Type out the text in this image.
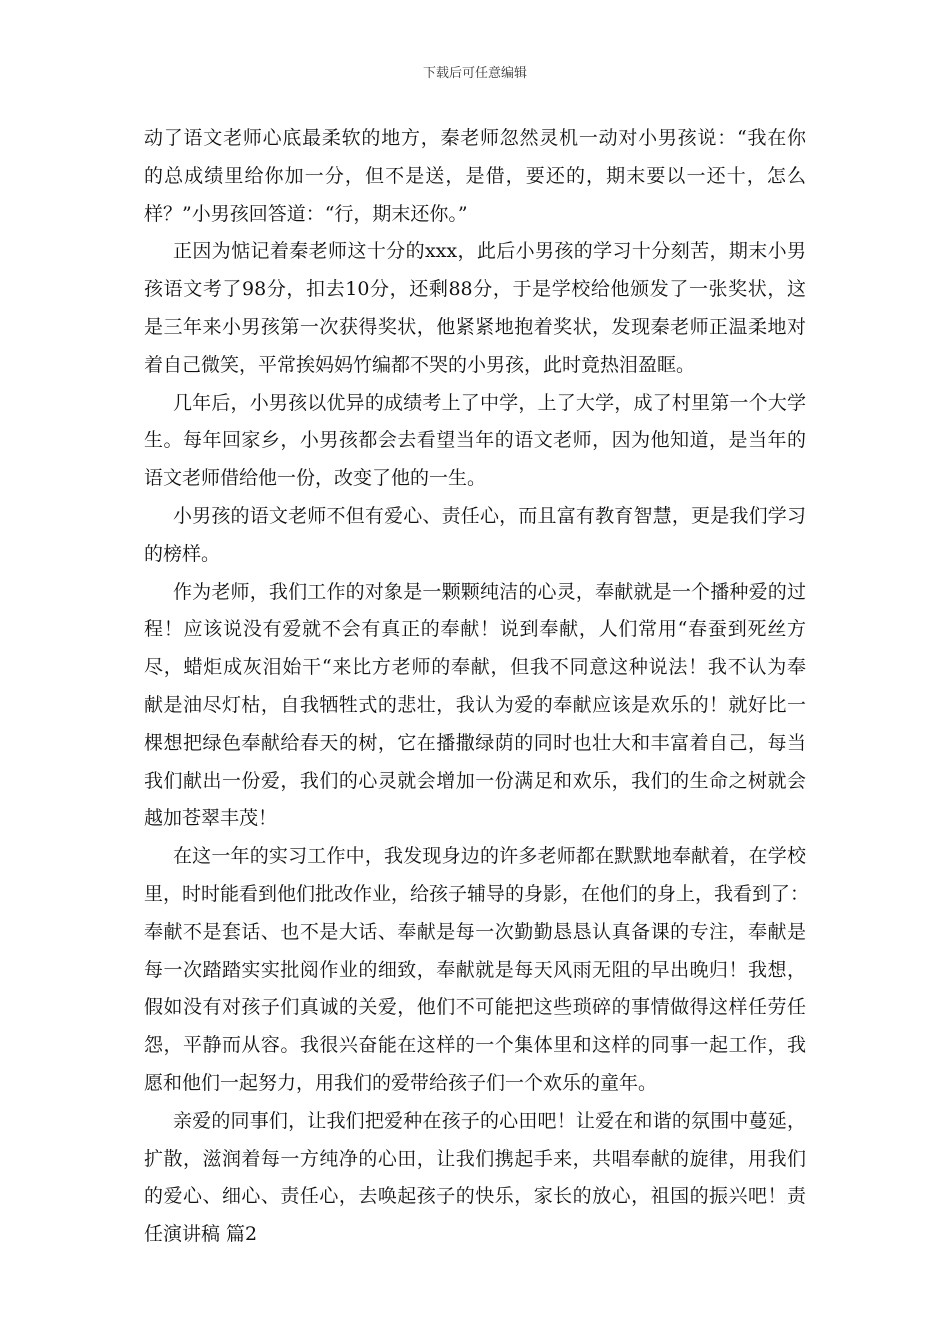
下载后可任意编辑
动了语文老师心底最柔软的地方，秦老师忽然灵机一动对小男孩说：“我在你
的总成绩里给你加一分，但不是送，是借，要还的，期末要以一还十，怎么
样？”小男孩回答道：“行，期末还你。”
正因为惦记着秦老师这十分的xxx，此后小男孩的学习十分刻苦，期末小男
孩语文考了98分，扣去10分，还剩88分，于是学校给他颁发了一张奖状，这
是三年来小男孩第一次获得奖状，他紧紧地抱着奖状，发现秦老师正温柔地对
着自己微笑，平常挨妈妈竹编都不哭的小男孩，此时竟热泪盈眶。
几年后，小男孩以优异的成绩考上了中学，上了大学，成了村里第一个大学
生。每年回家乡，小男孩都会去看望当年的语文老师，因为他知道，是当年的
语文老师借给他一份，改变了他的一生。
小男孩的语文老师不但有爱心、责任心，而且富有教育智慧，更是我们学习
的榜样。
作为老师，我们工作的对象是一颗颗纯洁的心灵，奉献就是一个播种爱的过
程！应该说没有爱就不会有真正的奉献！说到奉献，人们常用“春蚕到死丝方
尽，蜡炬成灰泪始干“来比方老师的奉献，但我不同意这种说法！我不认为奉
献是油尽灯枯，自我牺牲式的悲壮，我认为爱的奉献应该是欢乐的！就好比一
棵想把绿色奉献给春天的树，它在播撒绿荫的同时也壮大和丰富着自己，每当
我们献出一份爱，我们的心灵就会增加一份满足和欢乐，我们的生命之树就会
越加苍翠丰茂！
在这一年的实习工作中，我发现身边的许多老师都在默默地奉献着，在学校
里，时时能看到他们批改作业，给孩子辅导的身影，在他们的身上，我看到了：
奉献不是套话、也不是大话、奉献是每一次勤勤恳恳认真备课的专注，奉献是
每一次踏踏实实批阅作业的细致，奉献就是每天风雨无阻的早出晚归！我想，
假如没有对孩子们真诚的关爱，他们不可能把这些琐碎的事情做得这样任劳任
怨，平静而从容。我很兴奋能在这样的一个集体里和这样的同事一起工作，我
愿和他们一起努力，用我们的爱带给孩子们一个欢乐的童年。
亲爱的同事们，让我们把爱种在孩子的心田吧！让爱在和谐的氛围中蔓延，
扩散，滋润着每一方纯净的心田，让我们携起手来，共唱奉献的旋律，用我们
的爱心、细心、责任心，去唤起孩子的快乐，家长的放心，祖国的振兴吧！责
任演讲稿 篇2
